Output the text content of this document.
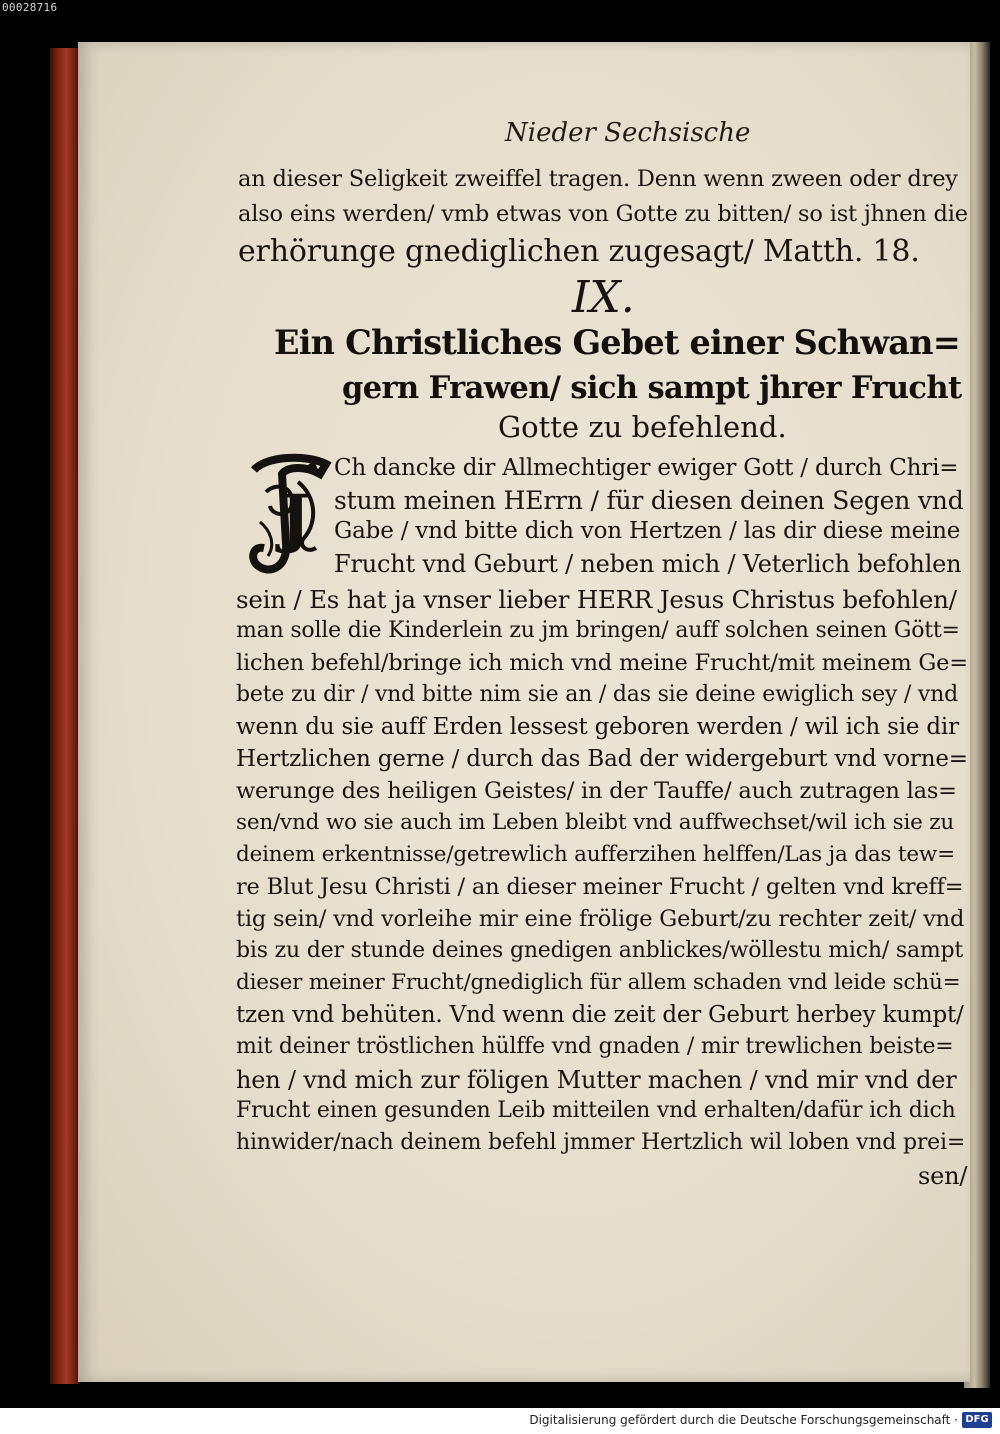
00028716
Nieder Sechsische
an dieser Seligkeit zweiffel tragen. Denn wenn zween oder drey
also eins werden/ vmb etwas von Gotte zu bitten/ so ist jhnen die
erhörunge gnediglichen zugesagt/ Matth. 18.
IX.
Ein Christliches Gebet einer Schwan=
gern Frawen/ sich sampt jhrer Frucht
Gotte zu befehlend.
J
Ch dancke dir Allmechtiger ewiger Gott / durch Chri=
stum meinen HErrn / für diesen deinen Segen vnd
Gabe / vnd bitte dich von Hertzen / las dir diese meine
Frucht vnd Geburt / neben mich / Veterlich befohlen
sein / Es hat ja vnser lieber HERR Jesus Christus befohlen/
man solle die Kinderlein zu jm bringen/ auff solchen seinen Gött=
lichen befehl/bringe ich mich vnd meine Frucht/mit meinem Ge=
bete zu dir / vnd bitte nim sie an / das sie deine ewiglich sey / vnd
wenn du sie auff Erden lessest geboren werden / wil ich sie dir
Hertzlichen gerne / durch das Bad der widergeburt vnd vorne=
werunge des heiligen Geistes/ in der Tauffe/ auch zutragen las=
sen/vnd wo sie auch im Leben bleibt vnd auffwechset/wil ich sie zu
deinem erkentnisse/getrewlich aufferzihen helffen/Las ja das tew=
re Blut Jesu Christi / an dieser meiner Frucht / gelten vnd kreff=
tig sein/ vnd vorleihe mir eine frölige Geburt/zu rechter zeit/ vnd
bis zu der stunde deines gnedigen anblickes/wöllestu mich/ sampt
dieser meiner Frucht/gnediglich für allem schaden vnd leide schü=
tzen vnd behüten. Vnd wenn die zeit der Geburt herbey kumpt/
mit deiner tröstlichen hülffe vnd gnaden / mir trewlichen beiste=
hen / vnd mich zur föligen Mutter machen / vnd mir vnd der
Frucht einen gesunden Leib mitteilen vnd erhalten/dafür ich dich
hinwider/nach deinem befehl jmmer Hertzlich wil loben vnd prei=
sen/
Digitalisierung gefördert durch die Deutsche Forschungsgemeinschaft · DFG
